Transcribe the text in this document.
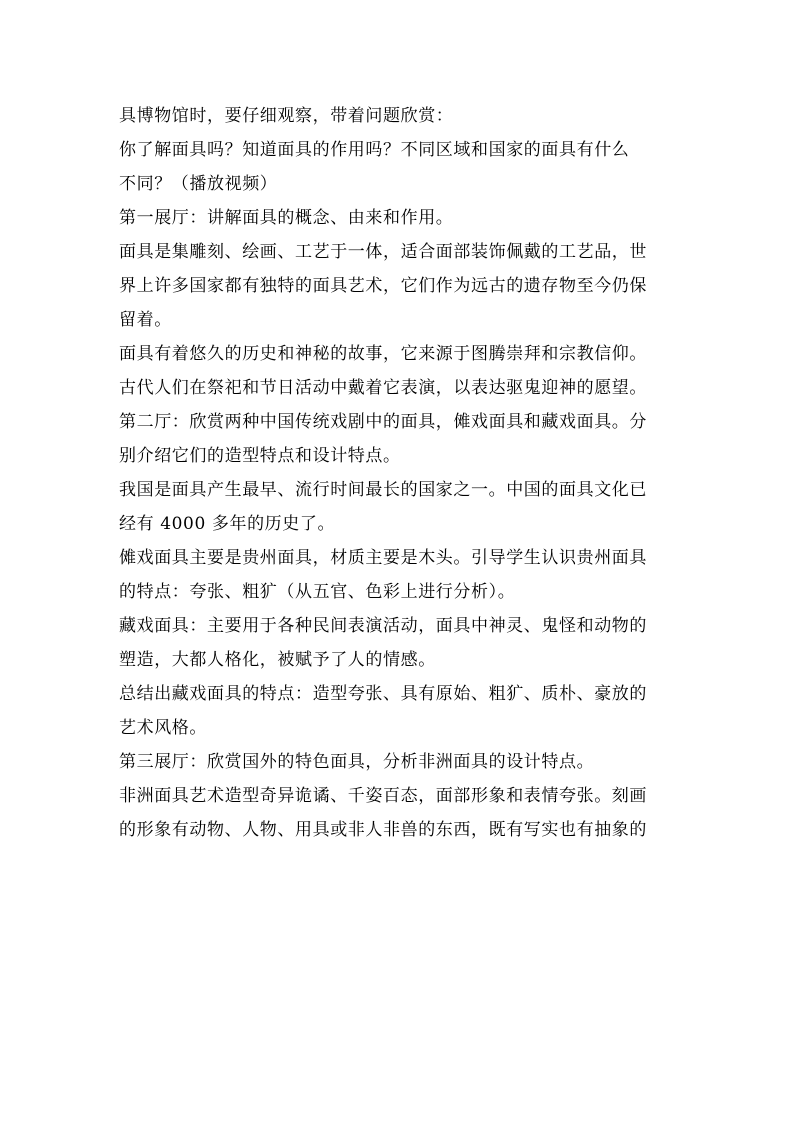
具博物馆时，要仔细观察，带着问题欣赏：
你了解面具吗？知道面具的作用吗？不同区域和国家的面具有什么
不同？（播放视频）
第一展厅：讲解面具的概念、由来和作用。
面具是集雕刻、绘画、工艺于一体，适合面部装饰佩戴的工艺品，世
界上许多国家都有独特的面具艺术，它们作为远古的遗存物至今仍保
留着。
面具有着悠久的历史和神秘的故事，它来源于图腾崇拜和宗教信仰。
古代人们在祭祀和节日活动中戴着它表演，以表达驱鬼迎神的愿望。
第二厅：欣赏两种中国传统戏剧中的面具，傩戏面具和藏戏面具。分
别介绍它们的造型特点和设计特点。
我国是面具产生最早、流行时间最长的国家之一。中国的面具文化已
经有 4000 多年的历史了。
傩戏面具主要是贵州面具，材质主要是木头。引导学生认识贵州面具
的特点：夸张、粗犷（从五官、色彩上进行分析）。
藏戏面具：主要用于各种民间表演活动，面具中神灵、鬼怪和动物的
塑造，大都人格化，被赋予了人的情感。
总结出藏戏面具的特点：造型夸张、具有原始、粗犷、质朴、豪放的
艺术风格。
第三展厅：欣赏国外的特色面具，分析非洲面具的设计特点。
非洲面具艺术造型奇异诡谲、千姿百态，面部形象和表情夸张。刻画
的形象有动物、人物、用具或非人非兽的东西，既有写实也有抽象的
